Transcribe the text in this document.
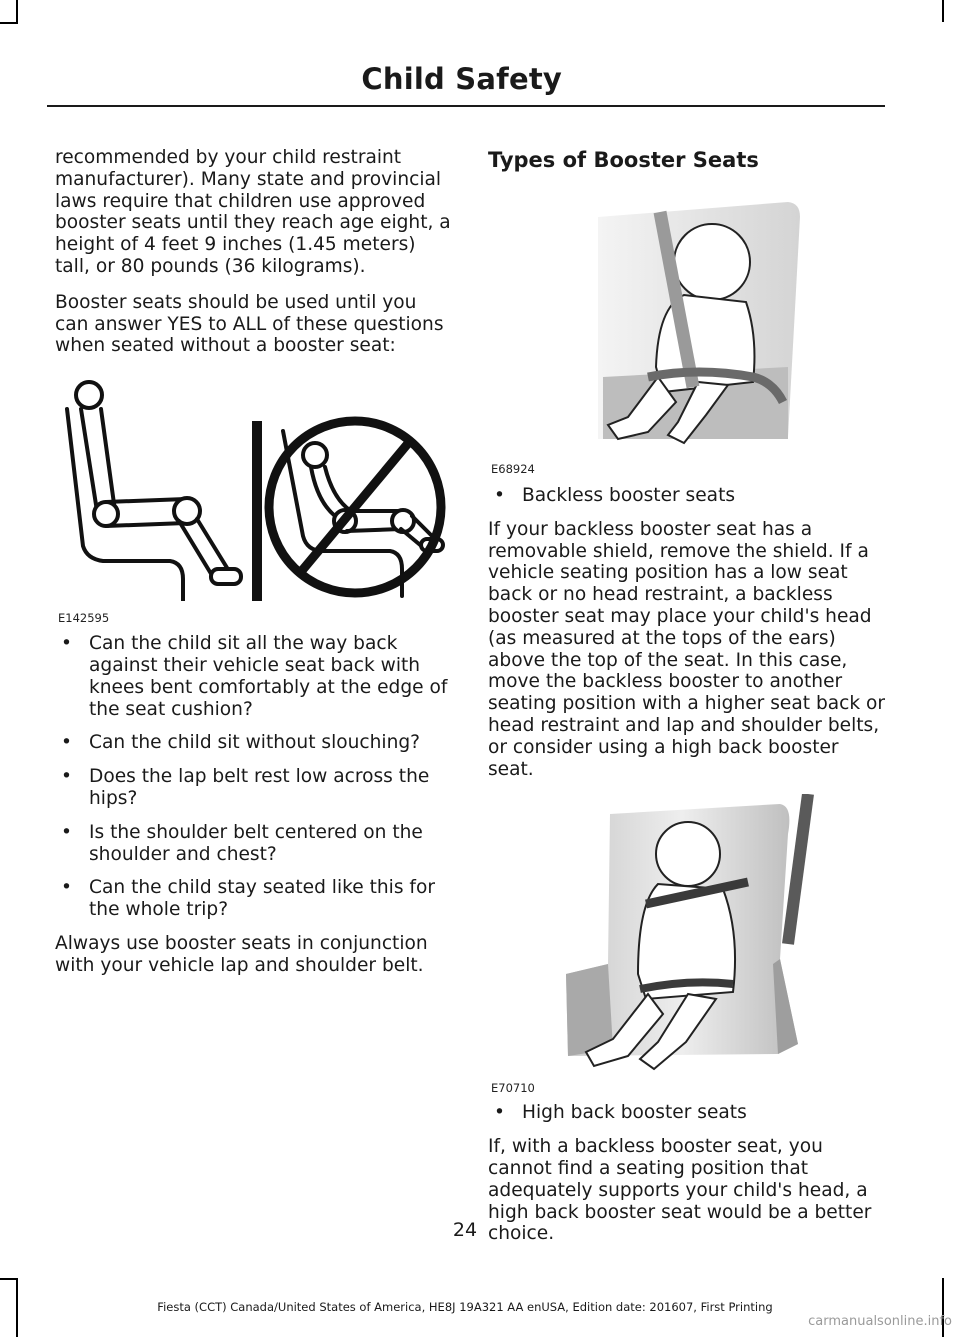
Child Safety

recommended by your child restraint manufacturer). Many state and provincial laws require that children use approved booster seats until they reach age eight, a height of 4 feet 9 inches (1.45 meters) tall, or 80 pounds (36 kilograms).

Booster seats should be used until you can answer YES to ALL of these questions when seated without a booster seat:

E142595
• Can the child sit all the way back against their vehicle seat back with knees bent comfortably at the edge of the seat cushion?
• Can the child sit without slouching?
• Does the lap belt rest low across the hips?
• Is the shoulder belt centered on the shoulder and chest?
• Can the child stay seated like this for the whole trip?

Always use booster seats in conjunction with your vehicle lap and shoulder belt.

Types of Booster Seats
E68924
• Backless booster seats

If your backless booster seat has a removable shield, remove the shield. If a vehicle seating position has a low seat back or no head restraint, a backless booster seat may place your child's head (as measured at the tops of the ears) above the top of the seat. In this case, move the backless booster to another seating position with a higher seat back or head restraint and lap and shoulder belts, or consider using a high back booster seat.

E70710
• High back booster seats

If, with a backless booster seat, you cannot find a seating position that adequately supports your child's head, a high back booster seat would be a better choice.

24
Fiesta (CCT) Canada/United States of America, HE8J 19A321 AA enUSA, Edition date: 201607, First Printing
carmanualsonline.info
